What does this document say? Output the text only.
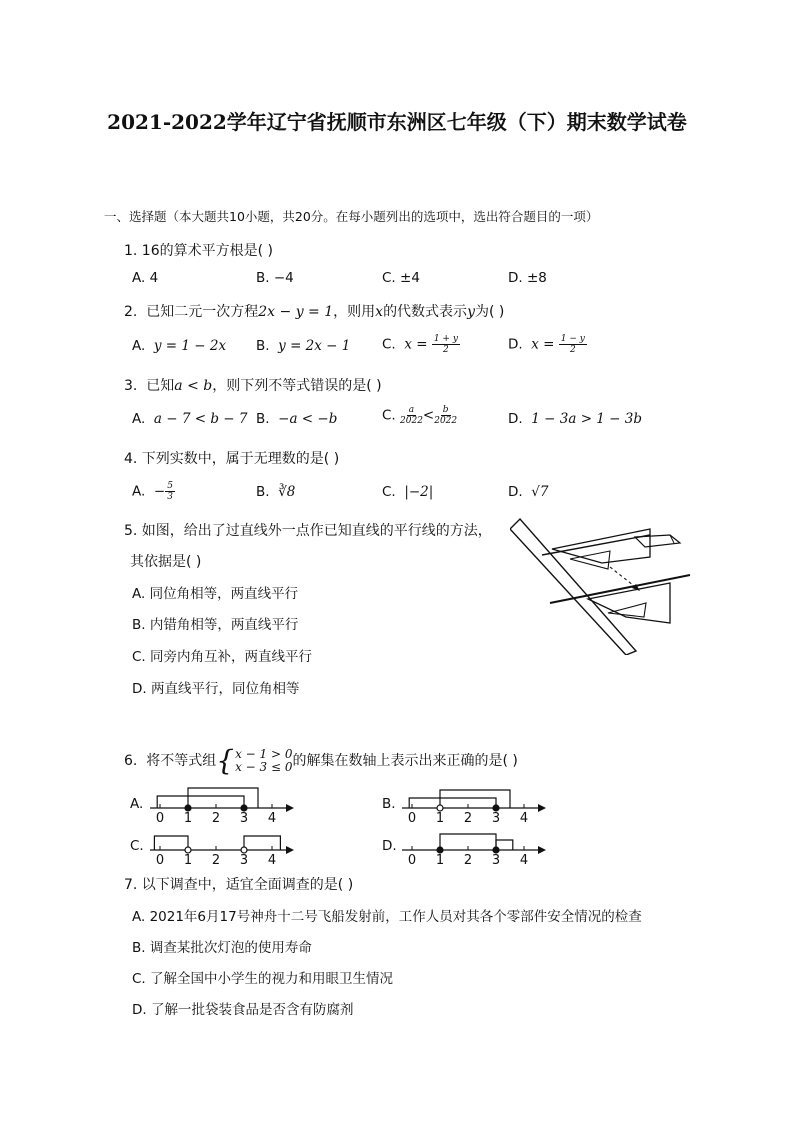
2021-2022学年辽宁省抚顺市东洲区七年级（下）期末数学试卷
一、选择题（本大题共10小题，共20分。在每小题列出的选项中，选出符合题目的一项）
1. 16的算术平方根是( )
A. 4	B. −4	C. ±4	D. ±8
2. 已知二元一次方程2x − y = 1，则用x的代数式表示y为( )
A. y = 1 − 2x B. y = 2x − 1 C. $x = \frac{1 + y}{2}$	D. $x = \frac{1 - y}{2}$
3. 已知a < b，则下列不等式错误的是( )
A. a − 7 < b − 7 B. −a < −b	C. $\frac{a}{2022} < \frac{b}{2022}$	D. 1 − 3a > 1 − 3b
4. 下列实数中，属于无理数的是( )
A. − $\frac{5}{3}$	B. ∛8	C. |−2|	D. √7
5. 如图，给出了过直线外一点作已知直线的平行线的方法，
其依据是( )
A. 同位角相等，两直线平行
B. 内错角相等，两直线平行
C. 同旁内角互补，两直线平行
D. 两直线平行，同位角相等
6. 将不等式组 { x − 1 > 0
x − 3 ≤ 0 的解集在数轴上表示出来正确的是( )
A.	B.
C.	D.
0 1 2 3 4	0 1 2 3 4
0 1 2 3 4	0 1 2 3 4
7. 以下调查中，适宜全面调查的是( )
A. 2021年6月17号神舟十二号飞船发射前，工作人员对其各个零部件安全情况的检查
B. 调查某批次灯泡的使用寿命
C. 了解全国中小学生的视力和用眼卫生情况
D. 了解一批袋装食品是否含有防腐剂
